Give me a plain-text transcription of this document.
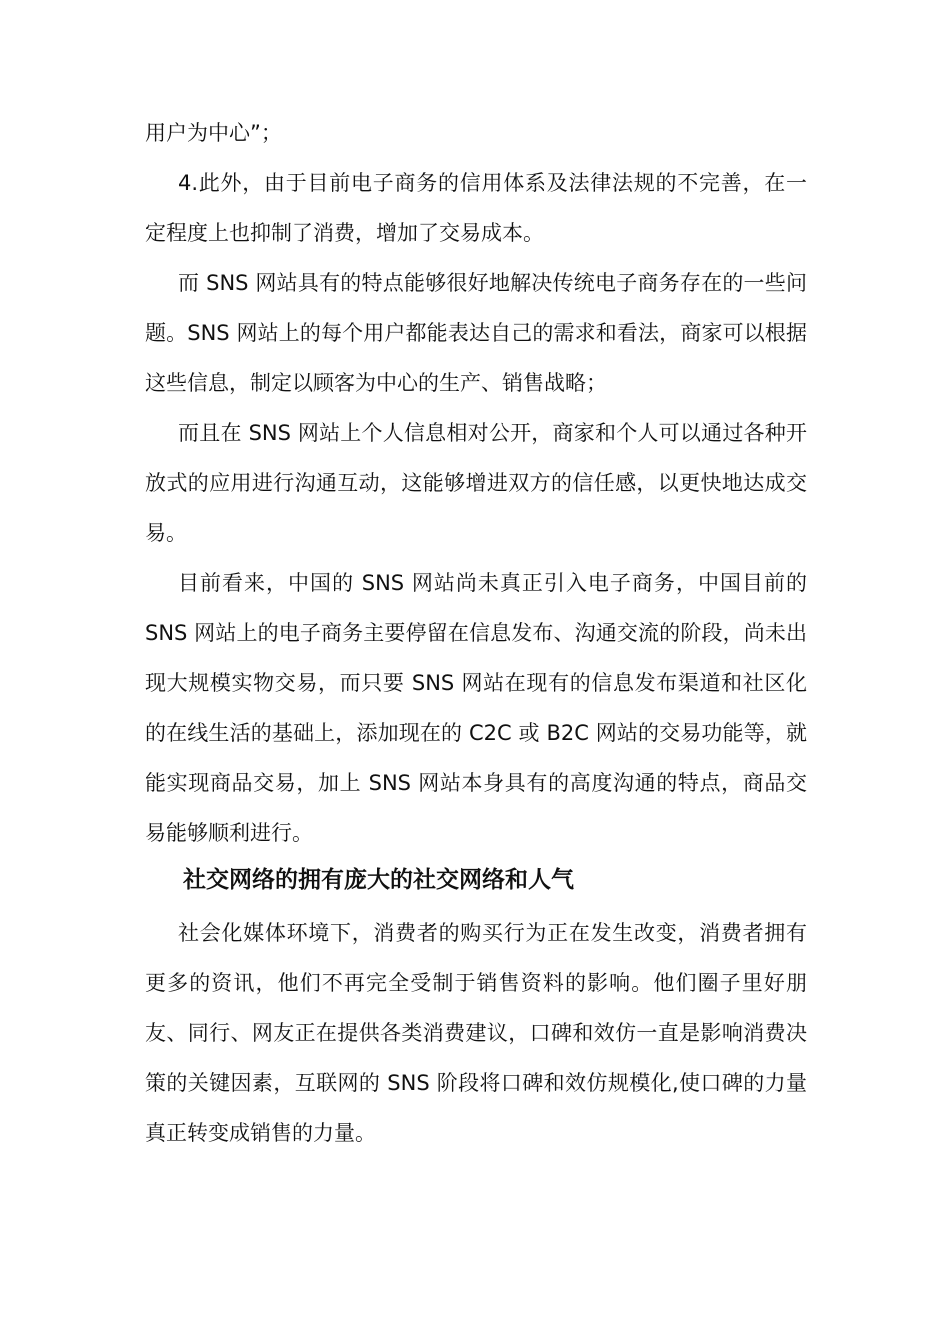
用户为中心”；

4.此外，由于目前电子商务的信用体系及法律法规的不完善，在一定程度上也抑制了消费，增加了交易成本。

而 SNS 网站具有的特点能够很好地解决传统电子商务存在的一些问题。SNS 网站上的每个用户都能表达自己的需求和看法，商家可以根据这些信息，制定以顾客为中心的生产、销售战略；

而且在 SNS 网站上个人信息相对公开，商家和个人可以通过各种开放式的应用进行沟通互动，这能够增进双方的信任感，以更快地达成交易。

目前看来，中国的 SNS 网站尚未真正引入电子商务，中国目前的 SNS 网站上的电子商务主要停留在信息发布、沟通交流的阶段，尚未出现大规模实物交易，而只要 SNS 网站在现有的信息发布渠道和社区化的在线生活的基础上，添加现在的 C2C 或 B2C 网站的交易功能等，就能实现商品交易，加上 SNS 网站本身具有的高度沟通的特点，商品交易能够顺利进行。

社交网络的拥有庞大的社交网络和人气

社会化媒体环境下，消费者的购买行为正在发生改变，消费者拥有更多的资讯，他们不再完全受制于销售资料的影响。他们圈子里好朋友、同行、网友正在提供各类消费建议，口碑和效仿一直是影响消费决策的关键因素，互联网的 SNS 阶段将口碑和效仿规模化,使口碑的力量真正转变成销售的力量。
